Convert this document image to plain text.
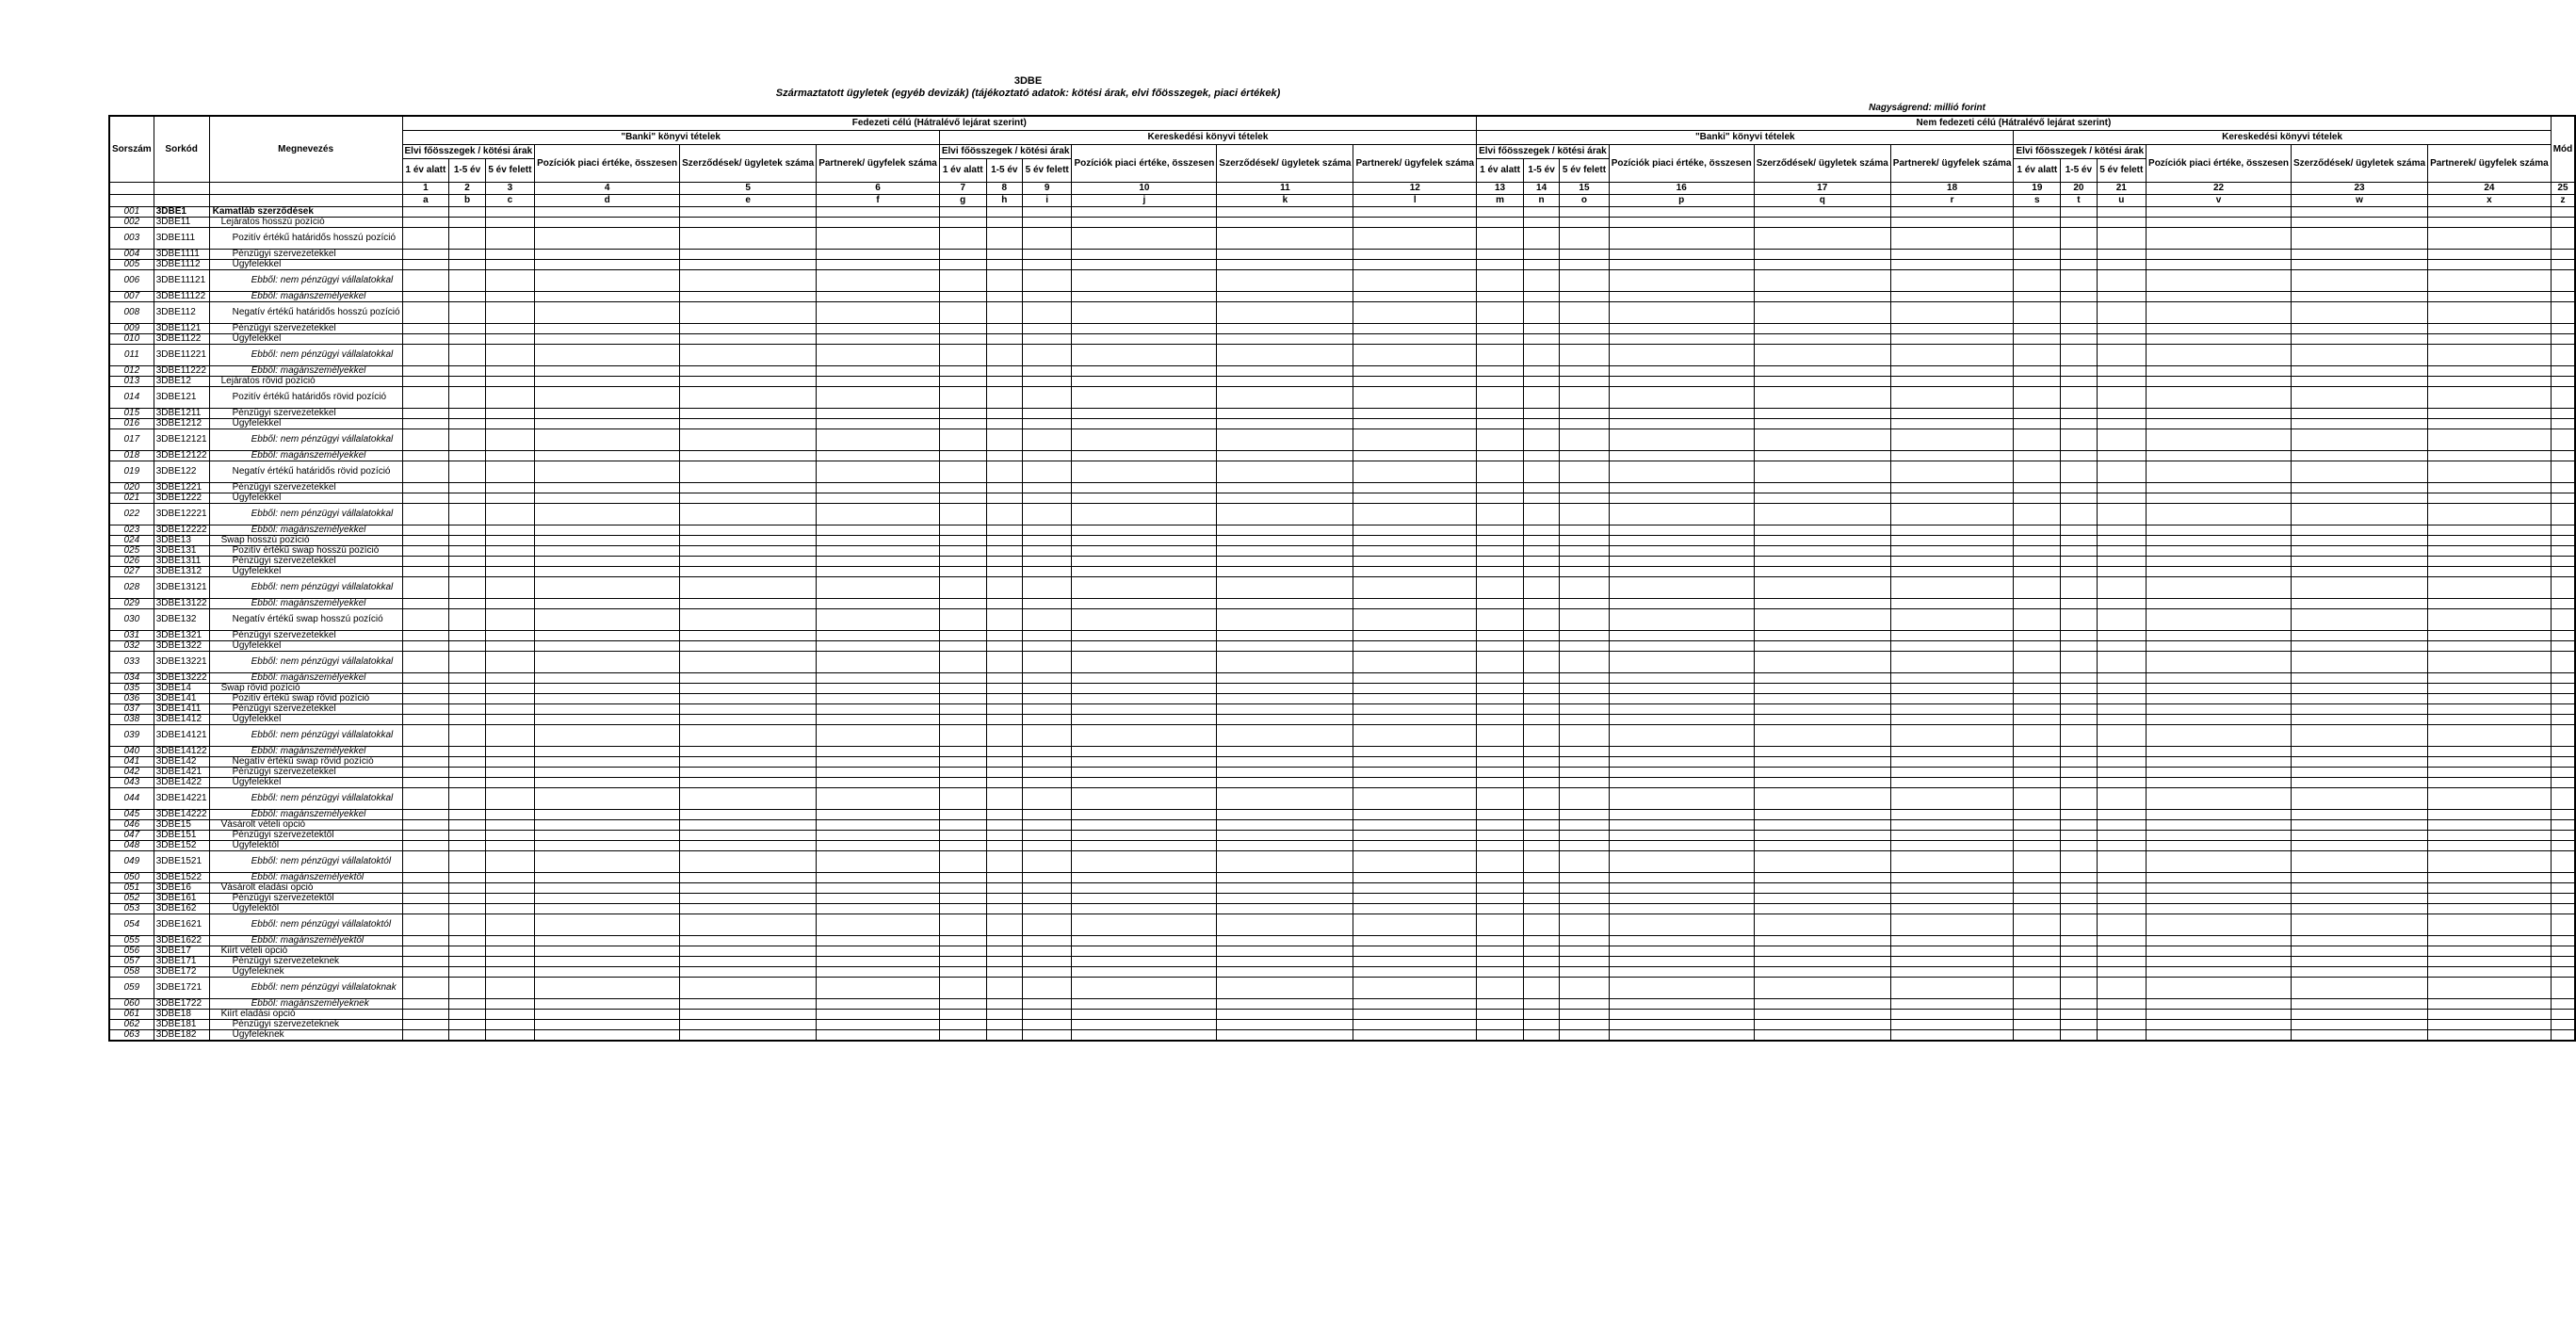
3DBE
Származtatott ügyletek (egyéb devizák) (tájékoztató adatok: kötési árak, elvi főösszegek, piaci értékek)
Nagyságrend: millió forint
Sorszám	Sorkód	Megnevezés	Fedezeti célú (Hátralévő lejárat szerint)												Nem fedezeti célú (Hátralévő lejárat szerint)												Mód
			"Banki" könyvi tételek						Kereskedési könyvi tételek						"Banki" könyvi tételek						Kereskedési könyvi tételek						
			Elvi főösszegek / kötési árak			Pozíciók piaci értéke, összesen	Szerződések/ ügyletek száma	Partnerek/ ügyfelek száma	Elvi főösszegek / kötési árak			Pozíciók piaci értéke, összesen	Szerződések/ ügyletek száma	Partnerek/ ügyfelek száma	Elvi főösszegek / kötési árak			Pozíciók piaci értéke, összesen	Szerződések/ ügyletek száma	Partnerek/ ügyfelek száma	Elvi főösszegek / kötési árak			Pozíciók piaci értéke, összesen	Szerződések/ ügyletek száma	Partnerek/ ügyfelek száma	
			1 év alatt	1-5 év	5 év felett				1 év alatt	1-5 év	5 év felett				1 év alatt	1-5 év	5 év felett				1 év alatt	1-5 év	5 év felett				
			1	2	3	4	5	6	7	8	9	10	11	12	13	14	15	16	17	18	19	20	21	22	23	24	25
			a	b	c	d	e	f	g	h	i	j	k	l	m	n	o	p	q	r	s	t	u	v	w	x	z
001	3DBE1	Kamatláb szerződések																									
002	3DBE11	Lejáratos hosszú pozíció																									
003	3DBE111	Pozitív értékű határidős hosszú pozíció																									
004	3DBE1111	Pénzügyi szervezetekkel																									
005	3DBE1112	Ügyfelekkel																									
006	3DBE11121	Ebből: nem pénzügyi vállalatokkal																									
007	3DBE11122	Ebből: magánszemélyekkel																									
008	3DBE112	Negatív értékű határidős hosszú pozíció																									
009	3DBE1121	Pénzügyi szervezetekkel																									
010	3DBE1122	Ügyfelekkel																									
011	3DBE11221	Ebből: nem pénzügyi vállalatokkal																									
012	3DBE11222	Ebből: magánszemélyekkel																									
013	3DBE12	Lejáratos rövid pozíció																									
014	3DBE121	Pozitív értékű határidős rövid pozíció																									
015	3DBE1211	Pénzügyi szervezetekkel																									
016	3DBE1212	Ügyfelekkel																									
017	3DBE12121	Ebből: nem pénzügyi vállalatokkal																									
018	3DBE12122	Ebből: magánszemélyekkel																									
019	3DBE122	Negatív értékű határidős rövid pozíció																									
020	3DBE1221	Pénzügyi szervezetekkel																									
021	3DBE1222	Ügyfelekkel																									
022	3DBE12221	Ebből: nem pénzügyi vállalatokkal																									
023	3DBE12222	Ebből: magánszemélyekkel																									
024	3DBE13	Swap hosszú pozíció																									
025	3DBE131	Pozitív értékű swap hosszú pozíció																									
026	3DBE1311	Pénzügyi szervezetekkel																									
027	3DBE1312	Ügyfelekkel																									
028	3DBE13121	Ebből: nem pénzügyi vállalatokkal																									
029	3DBE13122	Ebből: magánszemélyekkel																									
030	3DBE132	Negatív értékű swap hosszú pozíció																									
031	3DBE1321	Pénzügyi szervezetekkel																									
032	3DBE1322	Ügyfelekkel																									
033	3DBE13221	Ebből: nem pénzügyi vállalatokkal																									
034	3DBE13222	Ebből: magánszemélyekkel																									
035	3DBE14	Swap rövid pozíció																									
036	3DBE141	Pozitív értékű swap rövid pozíció																									
037	3DBE1411	Pénzügyi szervezetekkel																									
038	3DBE1412	Ügyfelekkel																									
039	3DBE14121	Ebből: nem pénzügyi vállalatokkal																									
040	3DBE14122	Ebből: magánszemélyekkel																									
041	3DBE142	Negatív értékű swap rövid pozíció																									
042	3DBE1421	Pénzügyi szervezetekkel																									
043	3DBE1422	Ügyfelekkel																									
044	3DBE14221	Ebből: nem pénzügyi vállalatokkal																									
045	3DBE14222	Ebből: magánszemélyekkel																									
046	3DBE15	Vásárolt vételi opció																									
047	3DBE151	Pénzügyi szervezetektől																									
048	3DBE152	Ügyfelektől																									
049	3DBE1521	Ebből: nem pénzügyi vállalatoktól																									
050	3DBE1522	Ebből: magánszemélyektől																									
051	3DBE16	Vásárolt eladási opció																									
052	3DBE161	Pénzügyi szervezetektől																									
053	3DBE162	Ügyfelektől																									
054	3DBE1621	Ebből: nem pénzügyi vállalatoktól																									
055	3DBE1622	Ebből: magánszemélyektől																									
056	3DBE17	Kiírt vételi opció																									
057	3DBE171	Pénzügyi szervezeteknek																									
058	3DBE172	Ügyfeleknek																									
059	3DBE1721	Ebből: nem pénzügyi vállalatoknak																									
060	3DBE1722	Ebből: magánszemélyeknek																									
061	3DBE18	Kiírt eladási opció																									
062	3DBE181	Pénzügyi szervezeteknek																									
063	3DBE182	Ügyfeleknek																									
